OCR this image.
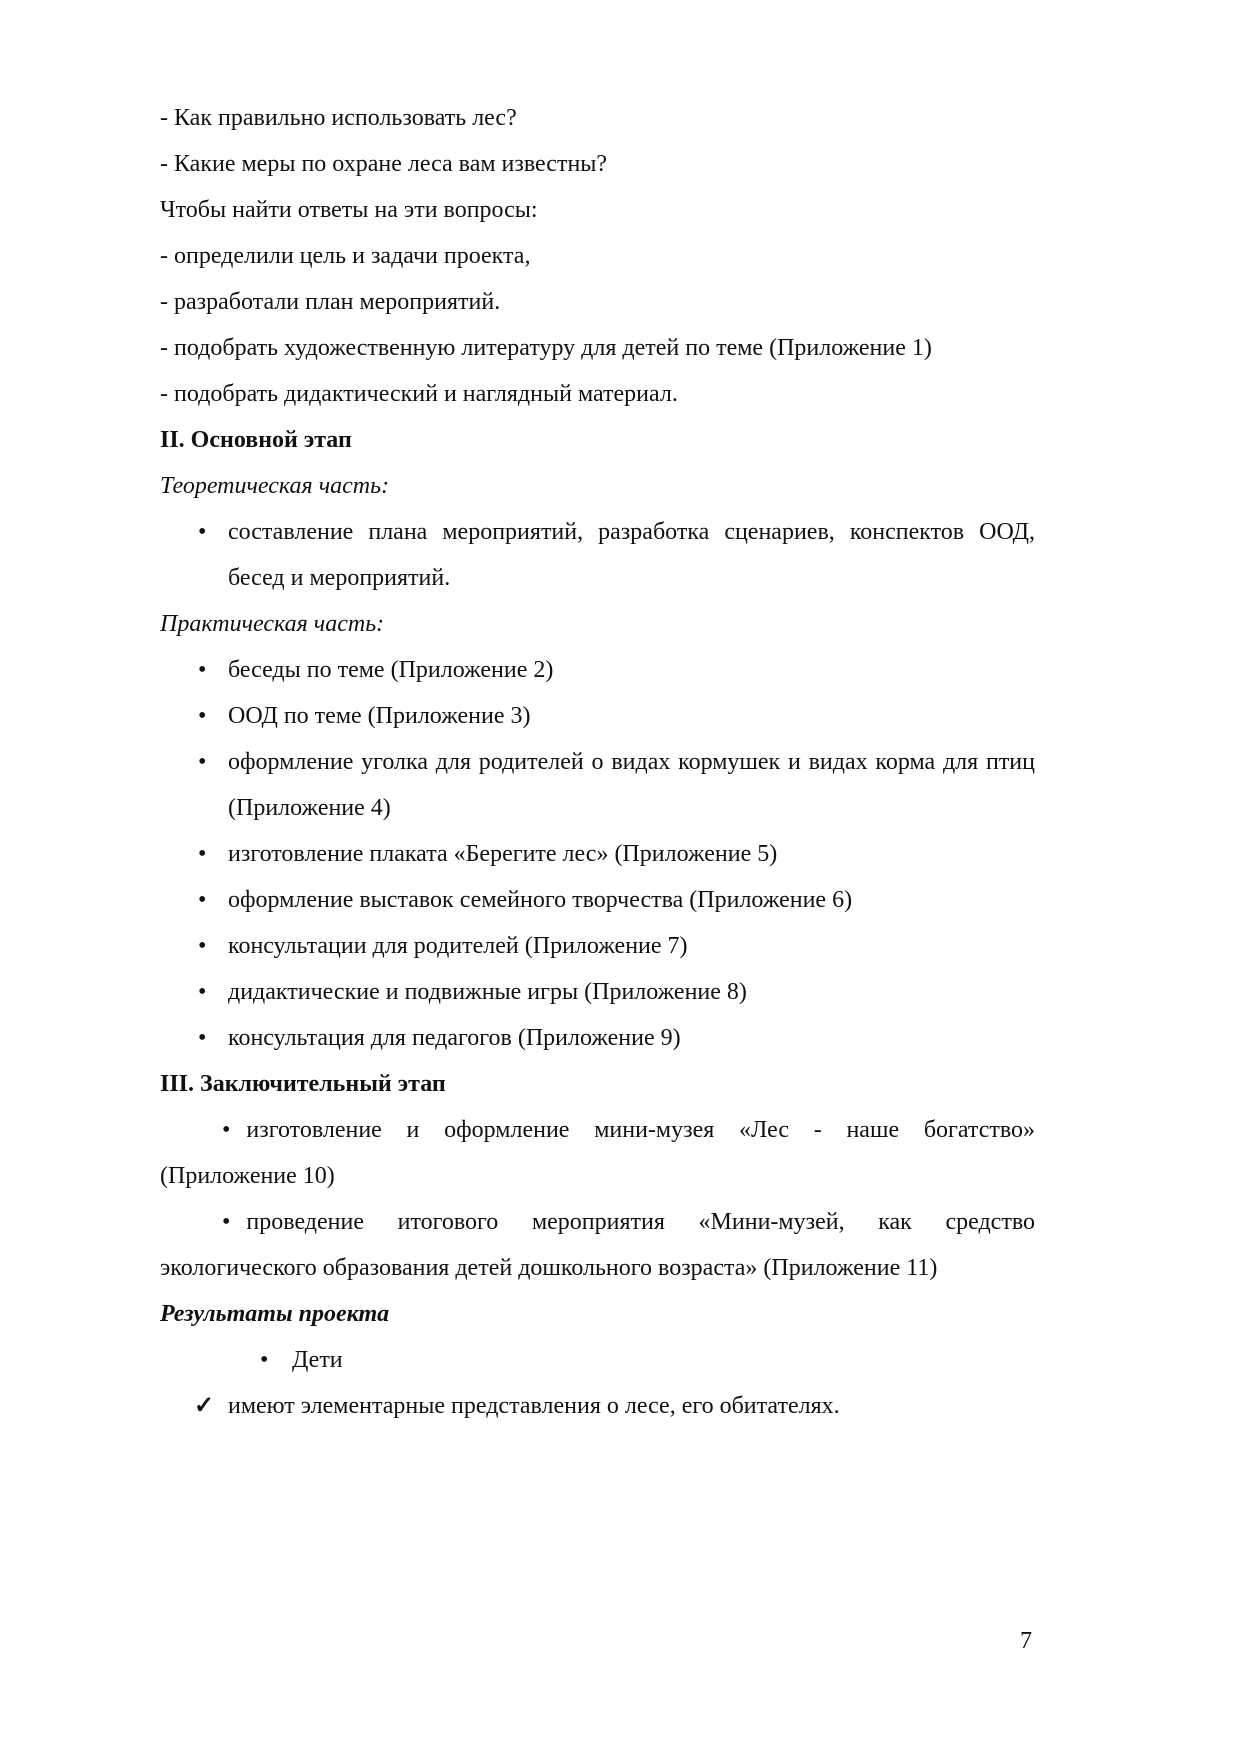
- Как правильно использовать лес?

- Какие меры по охране леса вам известны?

Чтобы найти ответы на эти вопросы:

- определили цель и задачи проекта,

- разработали план мероприятий.

- подобрать художественную литературу для детей по теме (Приложение 1)

- подобрать дидактический и наглядный материал.

II. Основной этап

Теоретическая часть:

• составление плана мероприятий, разработка сценариев, конспектов ООД, бесед и мероприятий.

Практическая часть:

• беседы по теме (Приложение 2)
• ООД по теме (Приложение 3)
• оформление уголка для родителей о видах кормушек и видах корма для птиц (Приложение 4)
• изготовление плаката «Берегите лес» (Приложение 5)
• оформление выставок семейного творчества (Приложение 6)
• консультации для родителей (Приложение 7)
• дидактические и подвижные игры (Приложение 8)
• консультация для педагогов (Приложение 9)

III. Заключительный этап

• изготовление и оформление мини-музея «Лес - наше богатство» (Приложение 10)

• проведение итогового мероприятия «Мини-музей, как средство экологического образования детей дошкольного возраста» (Приложение 11)

Результаты проекта

• Дети
✓ имеют элементарные представления о лесе, его обитателях.
7
